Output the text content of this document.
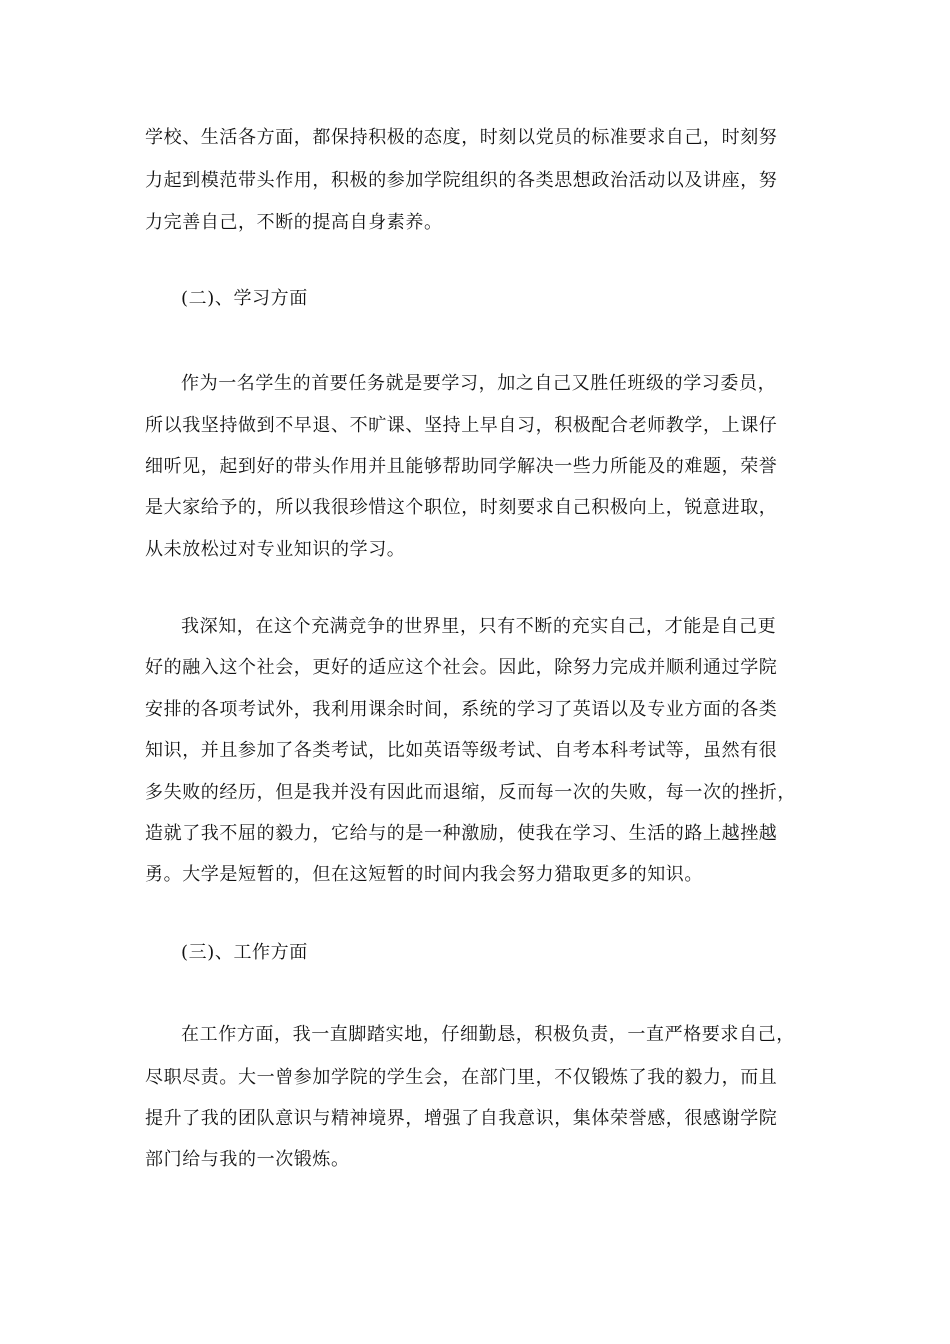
学校、生活各方面，都保持积极的态度，时刻以党员的标准要求自己，时刻努
力起到模范带头作用，积极的参加学院组织的各类思想政治活动以及讲座，努
力完善自己，不断的提高自身素养。
(二)、学习方面
作为一名学生的首要任务就是要学习，加之自己又胜任班级的学习委员，
所以我坚持做到不早退、不旷课、坚持上早自习，积极配合老师教学，上课仔
细听见，起到好的带头作用并且能够帮助同学解决一些力所能及的难题，荣誉
是大家给予的，所以我很珍惜这个职位，时刻要求自己积极向上，锐意进取，
从未放松过对专业知识的学习。
我深知，在这个充满竞争的世界里，只有不断的充实自己，才能是自己更
好的融入这个社会，更好的适应这个社会。因此，除努力完成并顺利通过学院
安排的各项考试外，我利用课余时间，系统的学习了英语以及专业方面的各类
知识，并且参加了各类考试，比如英语等级考试、自考本科考试等，虽然有很
多失败的经历，但是我并没有因此而退缩，反而每一次的失败，每一次的挫折，
造就了我不屈的毅力，它给与的是一种激励，使我在学习、生活的路上越挫越
勇。大学是短暂的，但在这短暂的时间内我会努力猎取更多的知识。
(三)、工作方面
在工作方面，我一直脚踏实地，仔细勤恳，积极负责，一直严格要求自己，
尽职尽责。大一曾参加学院的学生会，在部门里，不仅锻炼了我的毅力，而且
提升了我的团队意识与精神境界，增强了自我意识，集体荣誉感，很感谢学院
部门给与我的一次锻炼。
